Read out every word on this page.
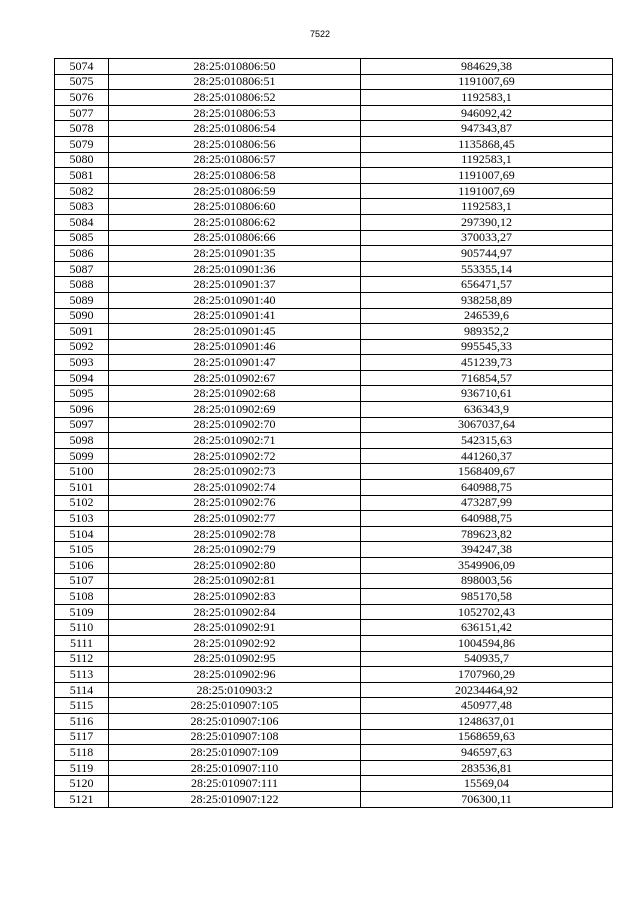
7522
5074	28:25:010806:50	984629,38
5075	28:25:010806:51	1191007,69
5076	28:25:010806:52	1192583,1
5077	28:25:010806:53	946092,42
5078	28:25:010806:54	947343,87
5079	28:25:010806:56	1135868,45
5080	28:25:010806:57	1192583,1
5081	28:25:010806:58	1191007,69
5082	28:25:010806:59	1191007,69
5083	28:25:010806:60	1192583,1
5084	28:25:010806:62	297390,12
5085	28:25:010806:66	370033,27
5086	28:25:010901:35	905744,97
5087	28:25:010901:36	553355,14
5088	28:25:010901:37	656471,57
5089	28:25:010901:40	938258,89
5090	28:25:010901:41	246539,6
5091	28:25:010901:45	989352,2
5092	28:25:010901:46	995545,33
5093	28:25:010901:47	451239,73
5094	28:25:010902:67	716854,57
5095	28:25:010902:68	936710,61
5096	28:25:010902:69	636343,9
5097	28:25:010902:70	3067037,64
5098	28:25:010902:71	542315,63
5099	28:25:010902:72	441260,37
5100	28:25:010902:73	1568409,67
5101	28:25:010902:74	640988,75
5102	28:25:010902:76	473287,99
5103	28:25:010902:77	640988,75
5104	28:25:010902:78	789623,82
5105	28:25:010902:79	394247,38
5106	28:25:010902:80	3549906,09
5107	28:25:010902:81	898003,56
5108	28:25:010902:83	985170,58
5109	28:25:010902:84	1052702,43
5110	28:25:010902:91	636151,42
5111	28:25:010902:92	1004594,86
5112	28:25:010902:95	540935,7
5113	28:25:010902:96	1707960,29
5114	28:25:010903:2	20234464,92
5115	28:25:010907:105	450977,48
5116	28:25:010907:106	1248637,01
5117	28:25:010907:108	1568659,63
5118	28:25:010907:109	946597,63
5119	28:25:010907:110	283536,81
5120	28:25:010907:111	15569,04
5121	28:25:010907:122	706300,11
